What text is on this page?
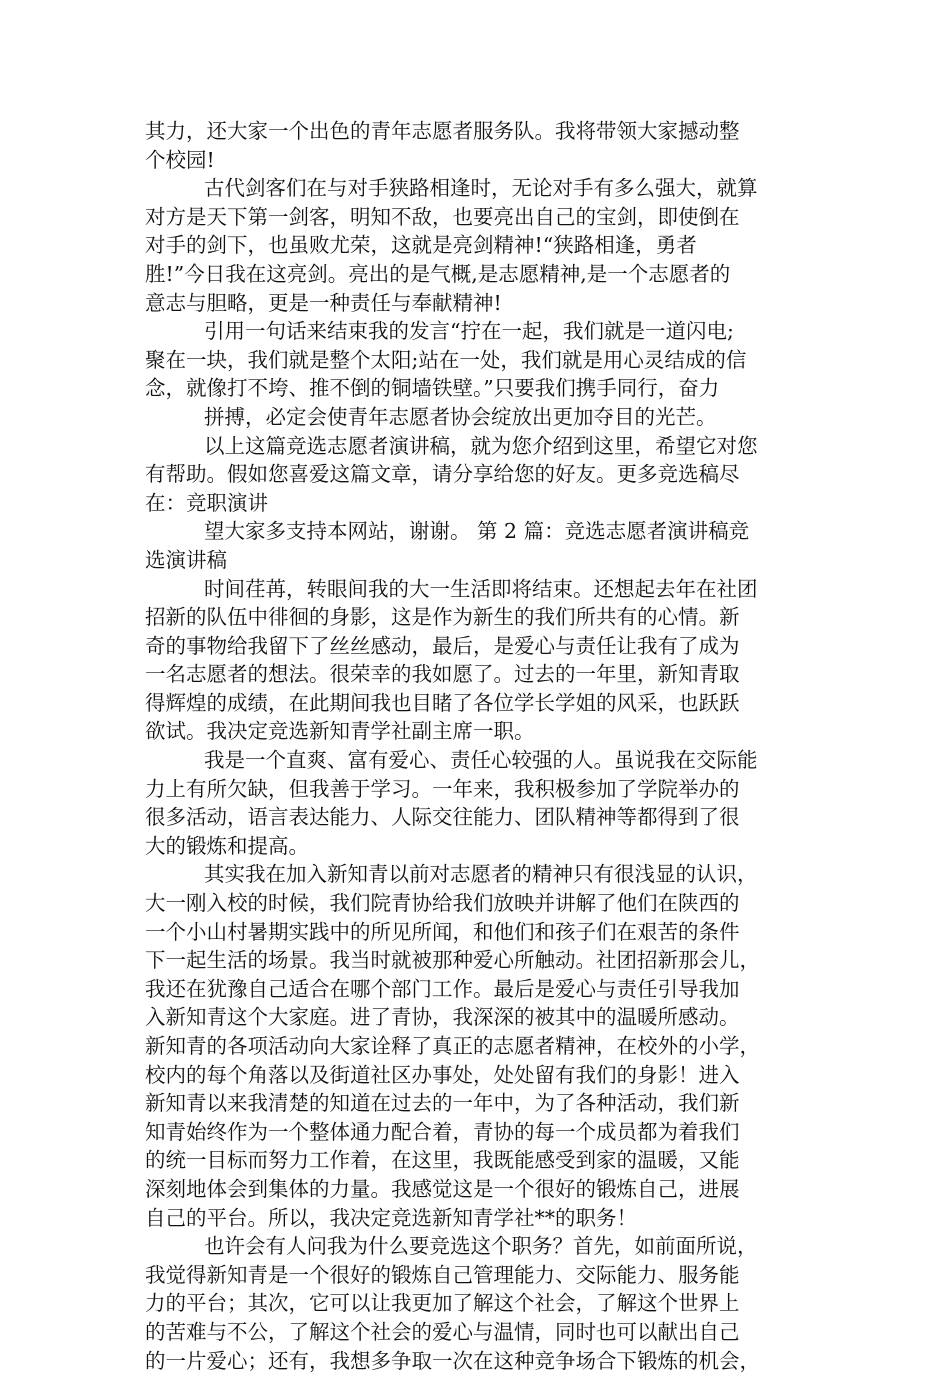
其力，还大家一个出色的青年志愿者服务队。我将带领大家撼动整
个校园!
古代剑客们在与对手狭路相逢时，无论对手有多么强大，就算
对方是天下第一剑客，明知不敌，也要亮出自己的宝剑，即使倒在
对手的剑下，也虽败尤荣，这就是亮剑精神!“狭路相逢，勇者
胜!”今日我在这亮剑。亮出的是气概,是志愿精神,是一个志愿者的
意志与胆略，更是一种责任与奉献精神!
引用一句话来结束我的发言“拧在一起，我们就是一道闪电;
聚在一块，我们就是整个太阳;站在一处，我们就是用心灵结成的信
念，就像打不垮、推不倒的铜墙铁壁。”只要我们携手同行，奋力
拼搏，必定会使青年志愿者协会绽放出更加夺目的光芒。
以上这篇竞选志愿者演讲稿，就为您介绍到这里，希望它对您
有帮助。假如您喜爱这篇文章，请分享给您的好友。更多竞选稿尽
在：竞职演讲
望大家多支持本网站，谢谢。 第 2 篇：竞选志愿者演讲稿竞
选演讲稿
时间荏苒，转眼间我的大一生活即将结束。还想起去年在社团
招新的队伍中徘徊的身影，这是作为新生的我们所共有的心情。新
奇的事物给我留下了丝丝感动，最后，是爱心与责任让我有了成为
一名志愿者的想法。很荣幸的我如愿了。过去的一年里，新知青取
得辉煌的成绩，在此期间我也目睹了各位学长学姐的风采，也跃跃
欲试。我决定竞选新知青学社副主席一职。
我是一个直爽、富有爱心、责任心较强的人。虽说我在交际能
力上有所欠缺，但我善于学习。一年来，我积极参加了学院举办的
很多活动，语言表达能力、人际交往能力、团队精神等都得到了很
大的锻炼和提高。
其实我在加入新知青以前对志愿者的精神只有很浅显的认识，
大一刚入校的时候，我们院青协给我们放映并讲解了他们在陕西的
一个小山村暑期实践中的所见所闻，和他们和孩子们在艰苦的条件
下一起生活的场景。我当时就被那种爱心所触动。社团招新那会儿，
我还在犹豫自己适合在哪个部门工作。最后是爱心与责任引导我加
入新知青这个大家庭。进了青协，我深深的被其中的温暖所感动。
新知青的各项活动向大家诠释了真正的志愿者精神，在校外的小学，
校内的每个角落以及街道社区办事处，处处留有我们的身影！进入
新知青以来我清楚的知道在过去的一年中，为了各种活动，我们新
知青始终作为一个整体通力配合着，青协的每一个成员都为着我们
的统一目标而努力工作着，在这里，我既能感受到家的温暖，又能
深刻地体会到集体的力量。我感觉这是一个很好的锻炼自己，进展
自己的平台。所以，我决定竞选新知青学社**的职务！
也许会有人问我为什么要竞选这个职务？首先，如前面所说，
我觉得新知青是一个很好的锻炼自己管理能力、交际能力、服务能
力的平台；其次，它可以让我更加了解这个社会，了解这个世界上
的苦难与不公，了解这个社会的爱心与温情，同时也可以献出自己
的一片爱心；还有，我想多争取一次在这种竞争场合下锻炼的机会，
